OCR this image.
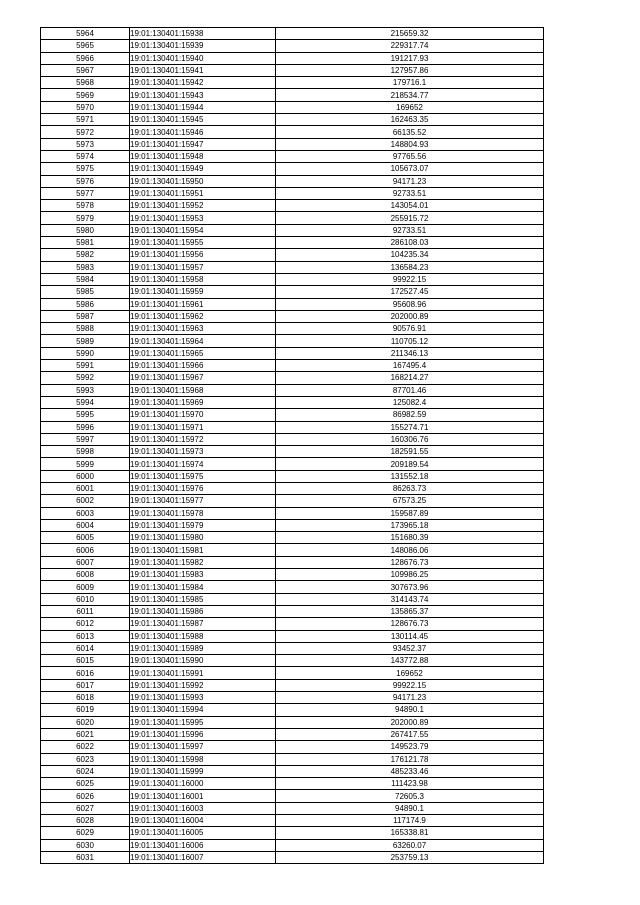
5964	19:01:130401:15938	215659.32
5965	19:01:130401:15939	229317.74
5966	19:01:130401:15940	191217.93
5967	19:01:130401:15941	127957.86
5968	19:01:130401:15942	179716.1
5969	19:01:130401:15943	218534.77
5970	19:01:130401:15944	169652
5971	19:01:130401:15945	162463.35
5972	19:01:130401:15946	66135.52
5973	19:01:130401:15947	148804.93
5974	19:01:130401:15948	97765.56
5975	19:01:130401:15949	105673.07
5976	19:01:130401:15950	94171.23
5977	19:01:130401:15951	92733.51
5978	19:01:130401:15952	143054.01
5979	19:01:130401:15953	255915.72
5980	19:01:130401:15954	92733.51
5981	19:01:130401:15955	286108.03
5982	19:01:130401:15956	104235.34
5983	19:01:130401:15957	136584.23
5984	19:01:130401:15958	99922.15
5985	19:01:130401:15959	172527.45
5986	19:01:130401:15961	95608.96
5987	19:01:130401:15962	202000.89
5988	19:01:130401:15963	90576.91
5989	19:01:130401:15964	110705.12
5990	19:01:130401:15965	211346.13
5991	19:01:130401:15966	167495.4
5992	19:01:130401:15967	168214.27
5993	19:01:130401:15968	87701.46
5994	19:01:130401:15969	125082.4
5995	19:01:130401:15970	86982.59
5996	19:01:130401:15971	155274.71
5997	19:01:130401:15972	160306.76
5998	19:01:130401:15973	182591.55
5999	19:01:130401:15974	209189.54
6000	19:01:130401:15975	131552.18
6001	19:01:130401:15976	86263.73
6002	19:01:130401:15977	67573.25
6003	19:01:130401:15978	159587.89
6004	19:01:130401:15979	173965.18
6005	19:01:130401:15980	151680.39
6006	19:01:130401:15981	148086.06
6007	19:01:130401:15982	128676.73
6008	19:01:130401:15983	109986.25
6009	19:01:130401:15984	307673.96
6010	19:01:130401:15985	314143.74
6011	19:01:130401:15986	135865.37
6012	19:01:130401:15987	128676.73
6013	19:01:130401:15988	130114.45
6014	19:01:130401:15989	93452.37
6015	19:01:130401:15990	143772.88
6016	19:01:130401:15991	169652
6017	19:01:130401:15992	99922.15
6018	19:01:130401:15993	94171.23
6019	19:01:130401:15994	94890.1
6020	19:01:130401:15995	202000.89
6021	19:01:130401:15996	267417.55
6022	19:01:130401:15997	149523.79
6023	19:01:130401:15998	176121.78
6024	19:01:130401:15999	485233.46
6025	19:01:130401:16000	111423.98
6026	19:01:130401:16001	72605.3
6027	19:01:130401:16003	94890.1
6028	19:01:130401:16004	117174.9
6029	19:01:130401:16005	165338.81
6030	19:01:130401:16006	63260.07
6031	19:01:130401:16007	253759.13
